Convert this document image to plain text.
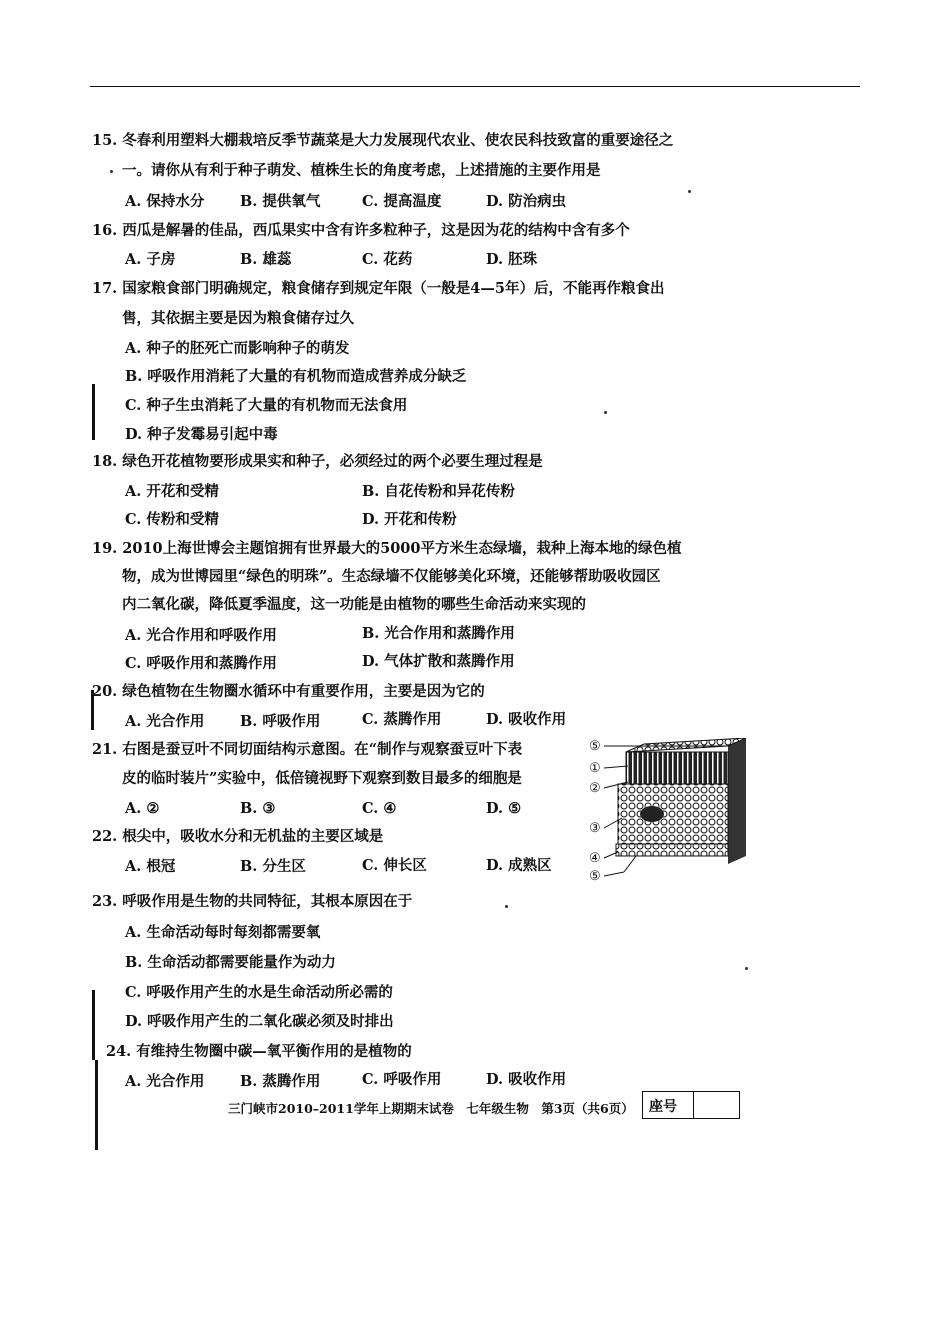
15. 冬春利用塑料大棚栽培反季节蔬菜是大力发展现代农业、使农民科技致富的重要途径之
一。请你从有利于种子萌发、植株生长的角度考虑，上述措施的主要作用是
A. 保持水分 B. 提供氧气	C. 提高温度	D. 防治病虫
16. 西瓜是解暑的佳品，西瓜果实中含有许多粒种子，这是因为花的结构中含有多个
A. 子房	B. 雄蕊	C. 花药	D. 胚珠
17. 国家粮食部门明确规定，粮食储存到规定年限（一般是4—5年）后，不能再作粮食出
售，其依据主要是因为粮食储存过久
A. 种子的胚死亡而影响种子的萌发
B. 呼吸作用消耗了大量的有机物而造成营养成分缺乏
C. 种子生虫消耗了大量的有机物而无法食用
D. 种子发霉易引起中毒
18. 绿色开花植物要形成果实和种子，必须经过的两个必要生理过程是
A. 开花和受精	B. 自花传粉和异花传粉
C. 传粉和受精	D. 开花和传粉
19. 2010上海世博会主题馆拥有世界最大的5000平方米生态绿墙，栽种上海本地的绿色植
物，成为世博园里“绿色的明珠”。生态绿墙不仅能够美化环境，还能够帮助吸收园区
内二氧化碳，降低夏季温度，这一功能是由植物的哪些生命活动来实现的
A. 光合作用和呼吸作用	B. 光合作用和蒸腾作用
C. 呼吸作用和蒸腾作用	D. 气体扩散和蒸腾作用
20. 绿色植物在生物圈水循环中有重要作用，主要是因为它的
A. 光合作用 B. 呼吸作用	C. 蒸腾作用	D. 吸收作用
21. 右图是蚕豆叶不同切面结构示意图。在“制作与观察蚕豆叶下表
皮的临时装片”实验中，低倍镜视野下观察到数目最多的细胞是
A. ②	B. ③	C. ④	D. ⑤
⑤
①
②
③
④
⑤
22. 根尖中，吸收水分和无机盐的主要区域是
A. 根冠	B. 分生区	C. 伸长区	D. 成熟区
23. 呼吸作用是生物的共同特征，其根本原因在于
A. 生命活动每时每刻都需要氧
B. 生命活动都需要能量作为动力
C. 呼吸作用产生的水是生命活动所必需的
D. 呼吸作用产生的二氧化碳必须及时排出
24. 有维持生物圈中碳—氧平衡作用的是植物的
A. 光合作用 B. 蒸腾作用	C. 呼吸作用	D. 吸收作用
三门峡市2010–2011学年上期期末试卷　七年级生物　第3页（共6页） 座号
